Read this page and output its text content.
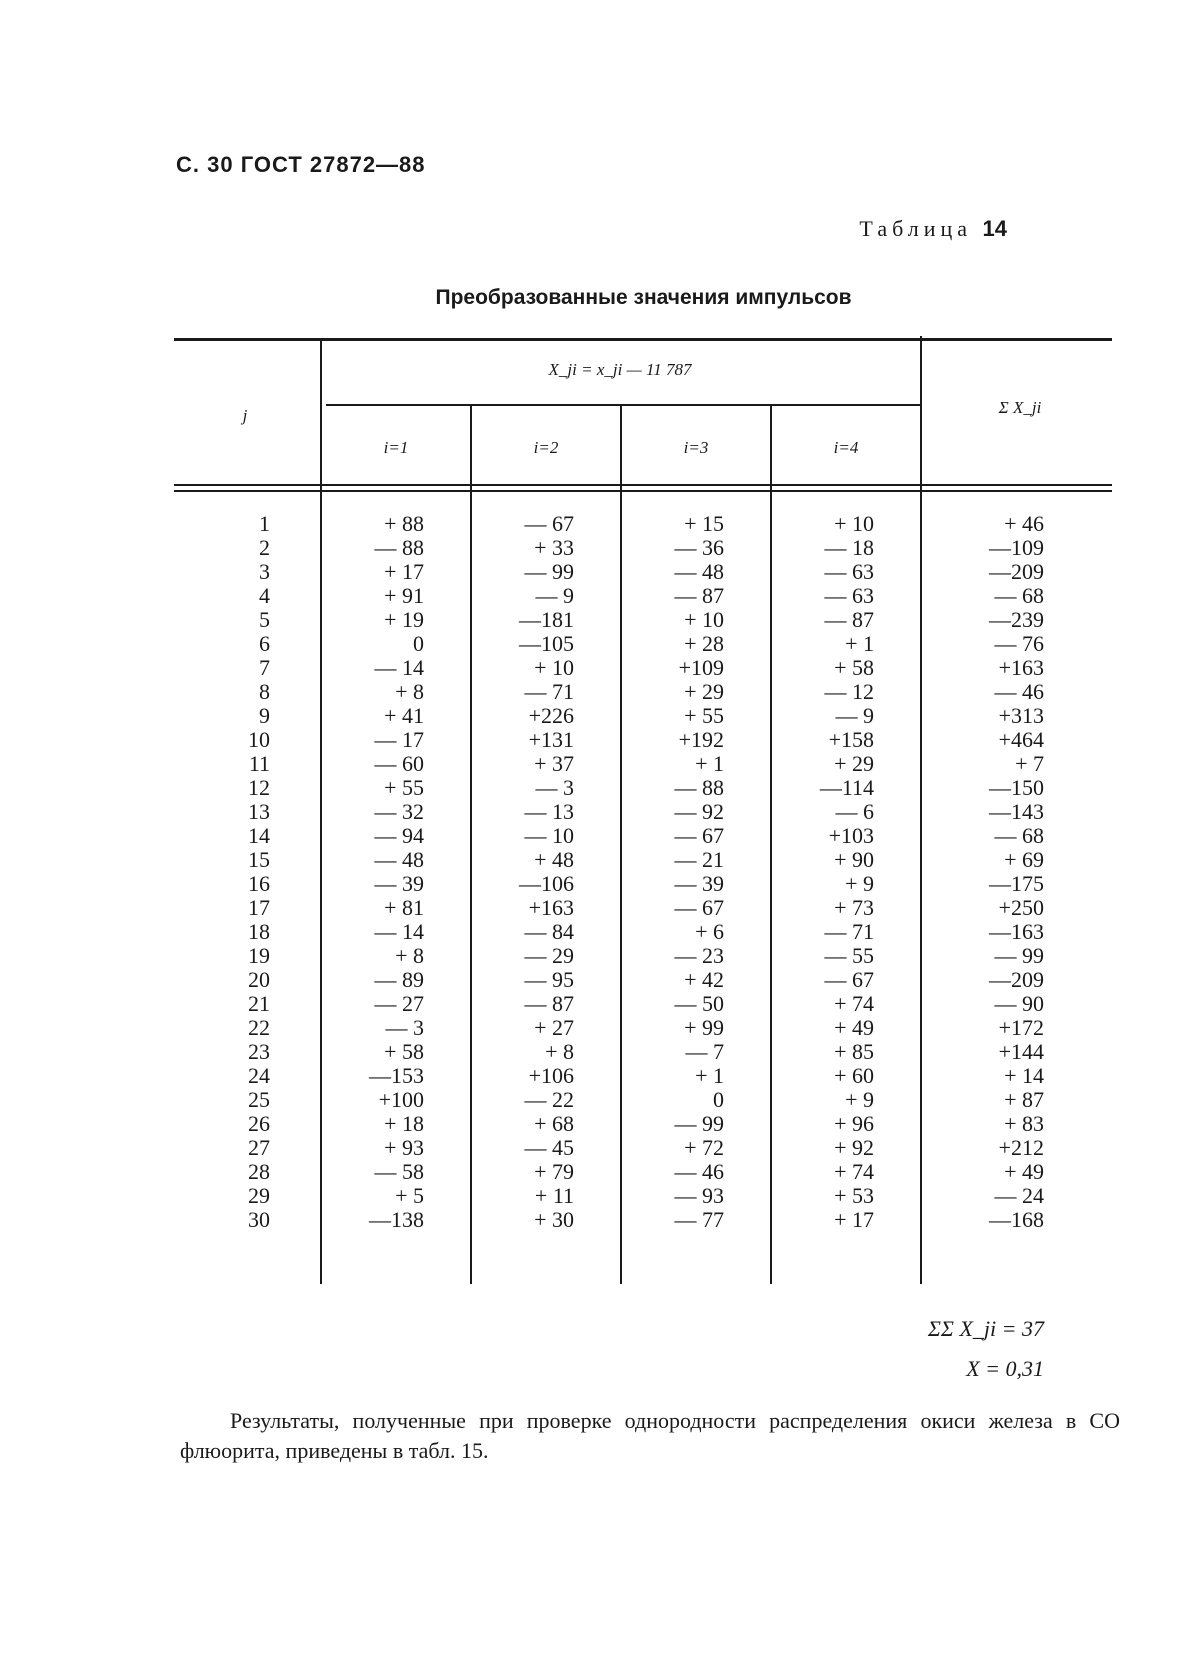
С. 30 ГОСТ 27872—88
Таблица 14
Преобразованные значения импульсов
j
X_ji = x_ji — 11 787
Σ X_ji
i=1	i=2	i=3	i=4
1	+ 88	— 67	+ 15	+ 10	+ 46
2	— 88	+ 33	— 36	— 18	—109
3	+ 17	— 99	— 48	— 63	—209
4	+ 91	— 9	— 87	— 63	— 68
5	+ 19	—181	+ 10	— 87	—239
6	0	—105	+ 28	+ 1	— 76
7	— 14	+ 10	+109	+ 58	+163
8	+ 8	— 71	+ 29	— 12	— 46
9	+ 41	+226	+ 55	— 9	+313
10	— 17	+131	+192	+158	+464
11	— 60	+ 37	+ 1	+ 29	+ 7
12	+ 55	— 3	— 88	—114	—150
13	— 32	— 13	— 92	— 6	—143
14	— 94	— 10	— 67	+103	— 68
15	— 48	+ 48	— 21	+ 90	+ 69
16	— 39	—106	— 39	+ 9	—175
17	+ 81	+163	— 67	+ 73	+250
18	— 14	— 84	+ 6	— 71	—163
19	+ 8	— 29	— 23	— 55	— 99
20	— 89	— 95	+ 42	— 67	—209
21	— 27	— 87	— 50	+ 74	— 90
22	— 3	+ 27	+ 99	+ 49	+172
23	+ 58	+ 8	— 7	+ 85	+144
24	—153	+106	+ 1	+ 60	+ 14
25	+100	— 22	0	+ 9	+ 87
26	+ 18	+ 68	— 99	+ 96	+ 83
27	+ 93	— 45	+ 72	+ 92	+212
28	— 58	+ 79	— 46	+ 74	+ 49
29	+ 5	+ 11	— 93	+ 53	— 24
30	—138	+ 30	— 77	+ 17	—168
ΣΣ X_ji = 37
X = 0,31
Результаты, полученные при проверке однородности распределения окиси железа в СО флюорита, приведены в табл. 15.
